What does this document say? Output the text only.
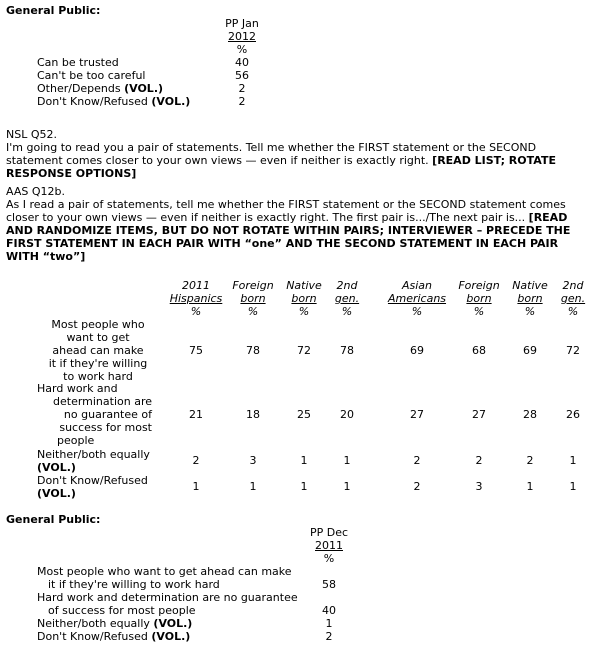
General Public:
PP Jan
2012
%
Can be trusted	40
Can't be too careful	56
Other/Depends (VOL.)	2
Don't Know/Refused (VOL.)	2
NSL Q52.
I'm going to read you a pair of statements. Tell me whether the FIRST statement or the SECOND statement comes closer to your own views — even if neither is exactly right. [READ LIST; ROTATE RESPONSE OPTIONS]
AAS Q12b.
As I read a pair of statements, tell me whether the FIRST statement or the SECOND statement comes closer to your own views — even if neither is exactly right. The first pair is.../The next pair is... [READ AND RANDOMIZE ITEMS, BUT DO NOT ROTATE WITHIN PAIRS; INTERVIEWER – PRECEDE THE FIRST STATEMENT IN EACH PAIR WITH “one” AND THE SECOND STATEMENT IN EACH PAIR WITH “two”]
2011
Hispanics
%
Foreign
born
%
Native
born
%
2nd
gen.
%
Asian
Americans
%
Foreign
born
%
Native
born
%
2nd
gen.
%
Most people who
want to get
ahead can make
it if they're willing
to work hard
75	78	72	78	69	68	69	72
Hard work and
determination are
no guarantee of
success for most
people
21	18	25	20	27	27	28	26
Neither/both equally
(VOL.)
2	3	1	1	2	2	2	1
Don't Know/Refused
(VOL.)
1	1	1	1	2	3	1	1
General Public:
PP Dec
2011
%
Most people who want to get ahead can make
it if they're willing to work hard	58
Hard work and determination are no guarantee
of success for most people	40
Neither/both equally (VOL.)	1
Don't Know/Refused (VOL.)	2
